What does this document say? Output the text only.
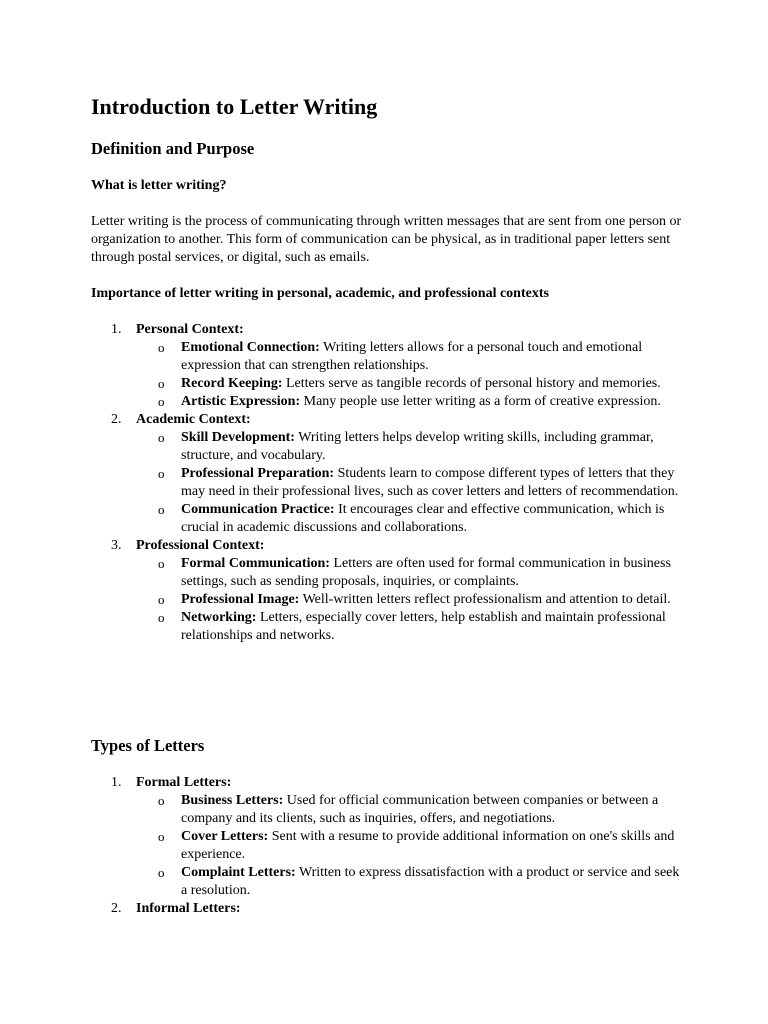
Introduction to Letter Writing
Definition and Purpose
What is letter writing?

Letter writing is the process of communicating through written messages that are sent from one person or organization to another. This form of communication can be physical, as in traditional paper letters sent through postal services, or digital, such as emails.

Importance of letter writing in personal, academic, and professional contexts
1. Personal Context:
o Emotional Connection: Writing letters allows for a personal touch and emotional expression that can strengthen relationships.
o Record Keeping: Letters serve as tangible records of personal history and memories.
o Artistic Expression: Many people use letter writing as a form of creative expression.
2. Academic Context:
o Skill Development: Writing letters helps develop writing skills, including grammar, structure, and vocabulary.
o Professional Preparation: Students learn to compose different types of letters that they may need in their professional lives, such as cover letters and letters of recommendation.
o Communication Practice: It encourages clear and effective communication, which is crucial in academic discussions and collaborations.
3. Professional Context:
o Formal Communication: Letters are often used for formal communication in business settings, such as sending proposals, inquiries, or complaints.
o Professional Image: Well-written letters reflect professionalism and attention to detail.
o Networking: Letters, especially cover letters, help establish and maintain professional relationships and networks.
Types of Letters
1. Formal Letters:
o Business Letters: Used for official communication between companies or between a company and its clients, such as inquiries, offers, and negotiations.
o Cover Letters: Sent with a resume to provide additional information on one's skills and experience.
o Complaint Letters: Written to express dissatisfaction with a product or service and seek a resolution.
2. Informal Letters:
